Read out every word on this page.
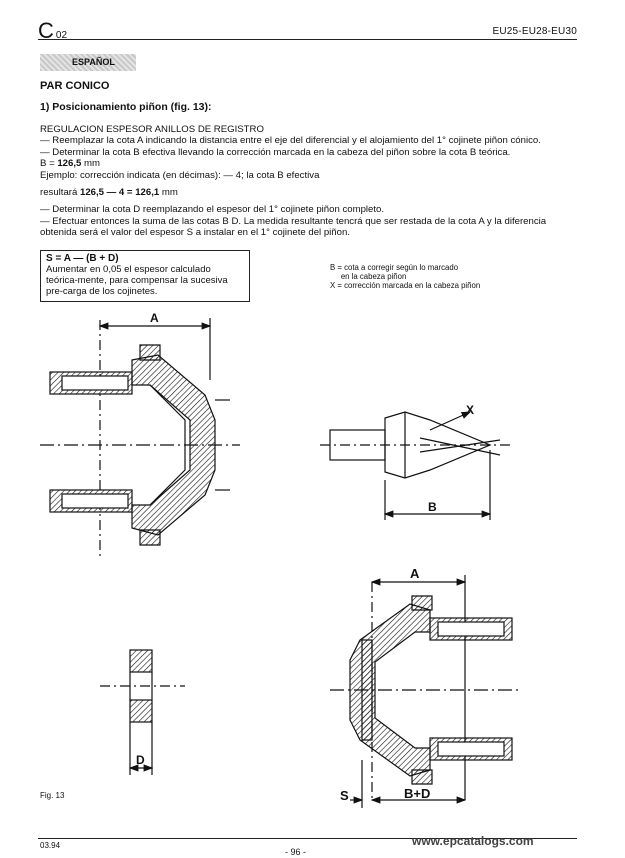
C 02	EU25-EU28-EU30
ESPAÑOL
PAR CONICO
1) Posicionamiento piñon (fig. 13):

REGULACION ESPESOR ANILLOS DE REGISTRO

— Reemplazar la cota A indicando la distancia entre el eje del diferencial y el alojamiento del 1° cojinete piñon cónico.

— Determinar la cota B efectiva llevando la corrección marcada en la cabeza del piñon sobre la cota B teórica.

B = 126,5 mm

Ejemplo: corrección indicata (en décimas): — 4; la cota B efectiva

resultará 126,5 — 4 = 126,1 mm

— Determinar la cota D reemplazando el espesor del 1° cojinete piñon completo.

— Efectuar entonces la suma de las cotas B D. La medida resultante tencrá que ser restada de la cota A y la diferencia obtenida será el valor del espesor S a instalar en el 1° cojinete del piñon.

S = A — (B + D)
Aumentar en 0,05 el espesor calculado teórica-mente, para compensar la sucesiva pre-carga de los cojinetes.
B = cota a corregir según lo marcado
en la cabeza piñon
X = corrección marcada en la cabeza piñon
A
X
B
A
D
S	B+D
Fig. 13
03.94
- 96 -
www.epcatalogs.com
